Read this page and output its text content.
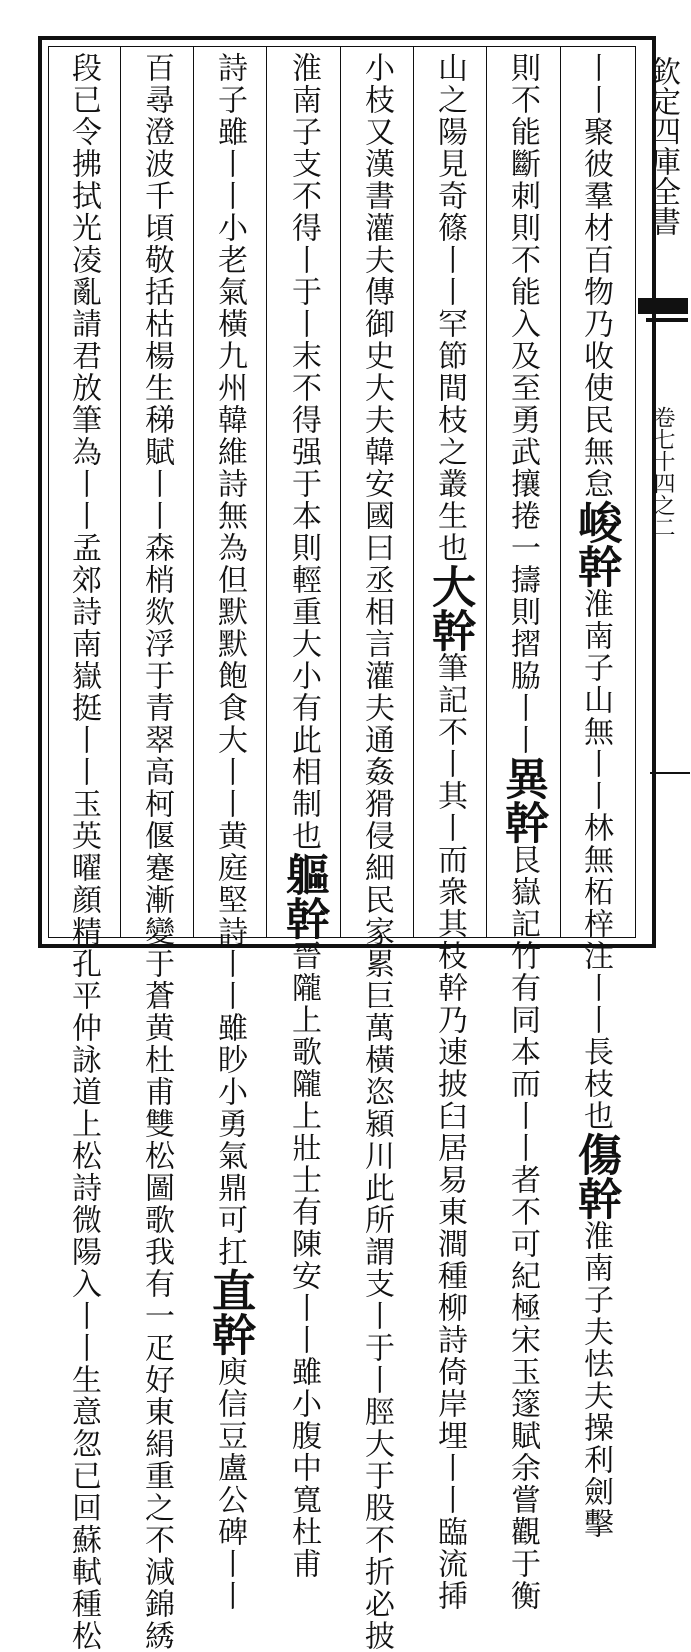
欽定四庫全書卷七十四之二
丨丨聚彼羣材百物乃收使民無怠峻幹淮南子山無丨丨林無柘梓注丨丨長枝也傷幹淮南子夫怯夫操利劍擊
則不能斷刺則不能入及至勇武攘捲一擣則摺脇丨丨異幹艮嶽記竹有同本而丨丨者不可紀極宋玉篴賦余嘗觀于衡
山之陽見奇篠丨丨罕節間枝之叢生也大幹筆記不丨其丨而衆其枝幹乃速披臼居易東澗種柳詩倚岸埋丨丨臨流揷
小枝又漢書灌夫傳御史大夫韓安國曰丞相言灌夫通姦猾侵細民家累巨萬橫恣潁川此所謂支丨于丨脛大于股不折必披
淮南子支不得丨于丨末不得强于本則輕重大小有此相制也軀幹晉隴上歌隴上壯士有陳安丨丨雖小腹中寬杜甫
詩子雖丨丨小老氣橫九州韓維詩無為但默默飽食大丨丨黄庭堅詩丨丨雖眇小勇氣鼎可扛直幹庾信豆盧公碑丨丨
百尋澄波千頃敬括枯楊生稊賦丨丨森梢欻浮于青翠高柯偃蹇漸變于蒼黄杜甫雙松圖歌我有一疋好東絹重之不減錦綉
段已令拂拭光凌亂請君放筆為丨丨孟郊詩南嶽挺丨丨玉英曜顔精孔平仲詠道上松詩微陽入丨丨生意忽已回蘇軾種松
